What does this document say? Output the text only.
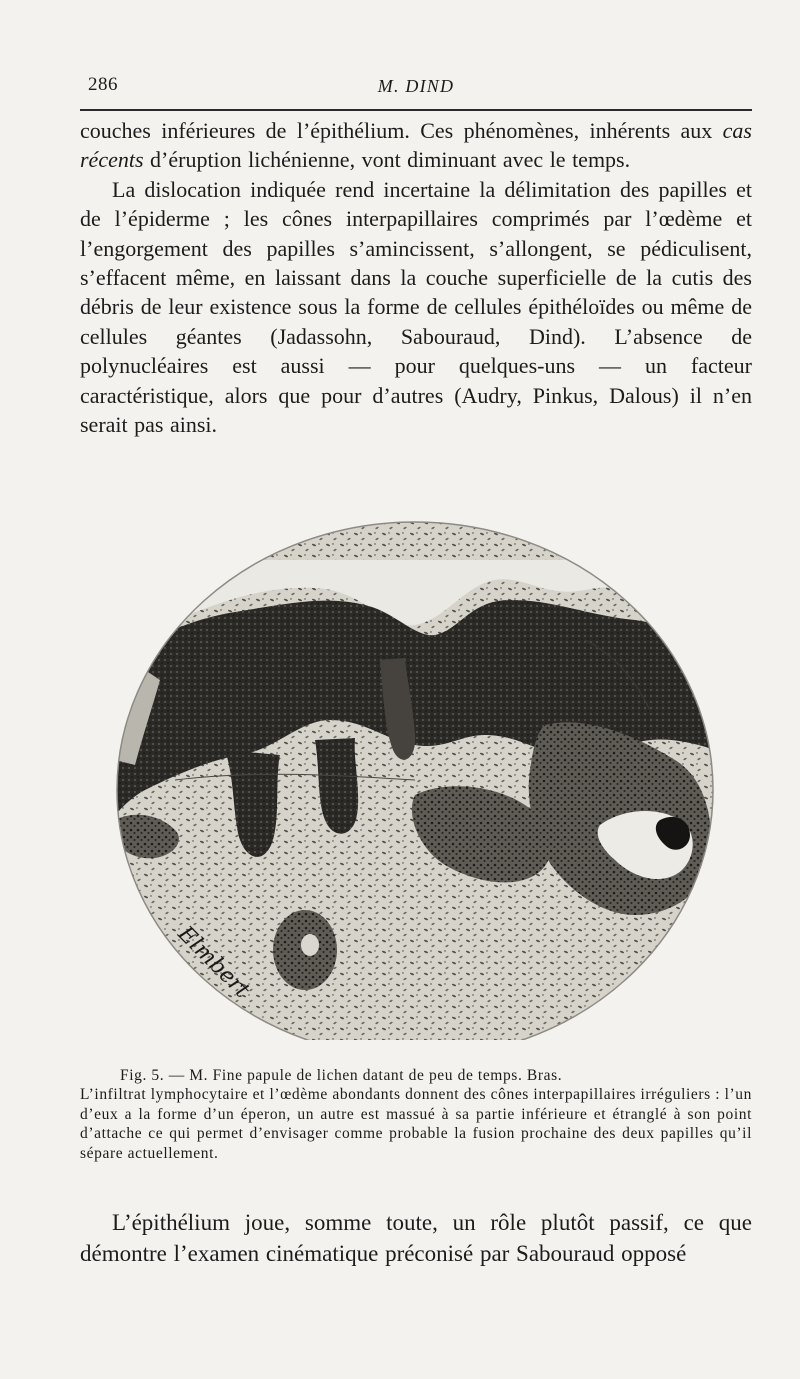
286	M. DIND

couches inférieures de l’épithélium. Ces phénomènes, inhérents aux cas récents d’éruption lichénienne, vont diminuant avec le temps.

La dislocation indiquée rend incertaine la délimitation des papilles et de l’épiderme ; les cônes interpapillaires comprimés par l’œdème et l’engorgement des papilles s’amincissent, s’allongent, se pédiculisent, s’effacent même, en laissant dans la couche superficielle de la cutis des débris de leur existence sous la forme de cellules épithéloïdes ou même de cellules géantes (Jadassohn, Sabouraud, Dind). L’absence de polynucléaires est aussi — pour quelques-uns — un facteur caractéristique, alors que pour d’autres (Audry, Pinkus, Dalous) il n’en serait pas ainsi.

Elmbert

Fig. 5. — M. Fine papule de lichen datant de peu de temps. Bras.

L’infiltrat lymphocytaire et l’œdème abondants donnent des cônes interpapillaires irréguliers : l’un d’eux a la forme d’un éperon, un autre est massué à sa partie inférieure et étranglé à son point d’attache ce qui permet d’envisager comme probable la fusion prochaine des deux papilles qu’il sépare actuellement.

L’épithélium joue, somme toute, un rôle plutôt passif, ce que démontre l’examen cinématique préconisé par Sabouraud opposé
